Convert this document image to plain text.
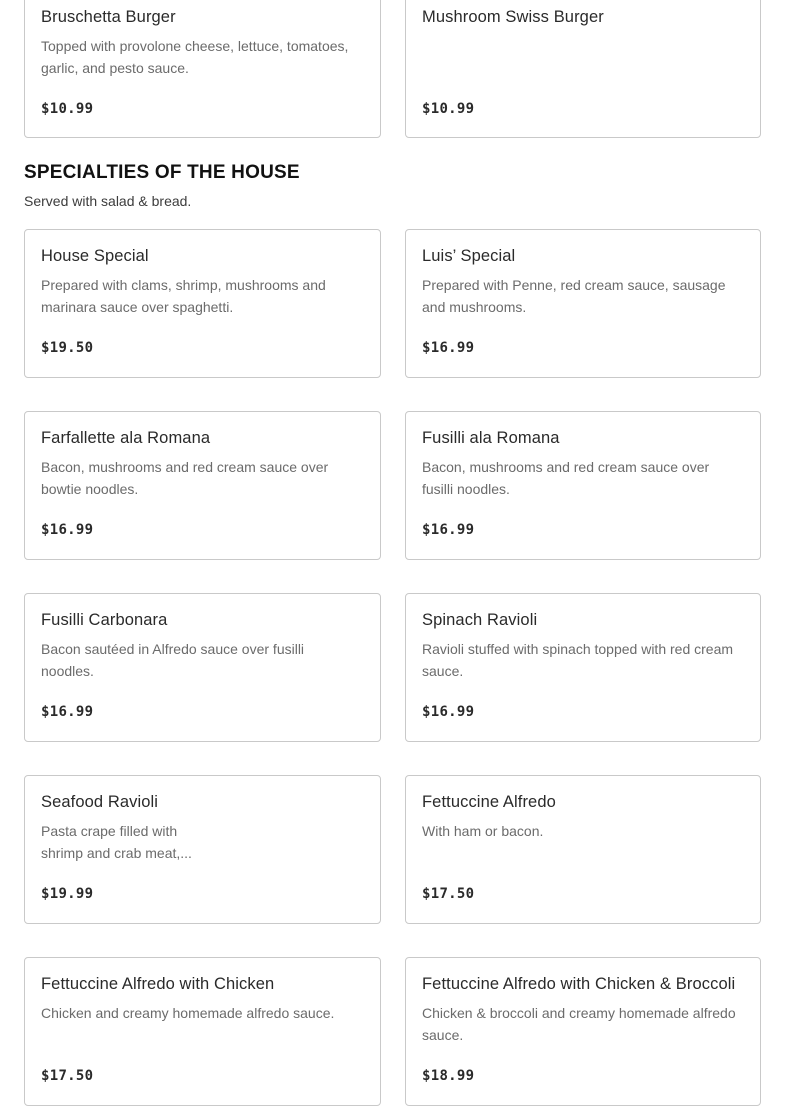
Bruschetta Burger
Topped with provolone cheese, lettuce, tomatoes, garlic, and pesto sauce.
$10.99
Mushroom Swiss Burger
$10.99
SPECIALTIES OF THE HOUSE
Served with salad & bread.
House Special
Prepared with clams, shrimp, mushrooms and marinara sauce over spaghetti.
$19.50
Luis’ Special
Prepared with Penne, red cream sauce, sausage and mushrooms.
$16.99
Farfallette ala Romana
Bacon, mushrooms and red cream sauce over bowtie noodles.
$16.99
Fusilli ala Romana
Bacon, mushrooms and red cream sauce over fusilli noodles.
$16.99
Fusilli Carbonara
Bacon sautéed in Alfredo sauce over fusilli noodles.
$16.99
Spinach Ravioli
Ravioli stuffed with spinach topped with red cream sauce.
$16.99
Seafood Ravioli
Pasta crape filled with shrimp and crab meat,...
$19.99
Fettuccine Alfredo
With ham or bacon.
$17.50
Fettuccine Alfredo with Chicken
Chicken and creamy homemade alfredo sauce.
$17.50
Fettuccine Alfredo with Chicken & Broccoli
Chicken & broccoli and creamy homemade alfredo sauce.
$18.99
